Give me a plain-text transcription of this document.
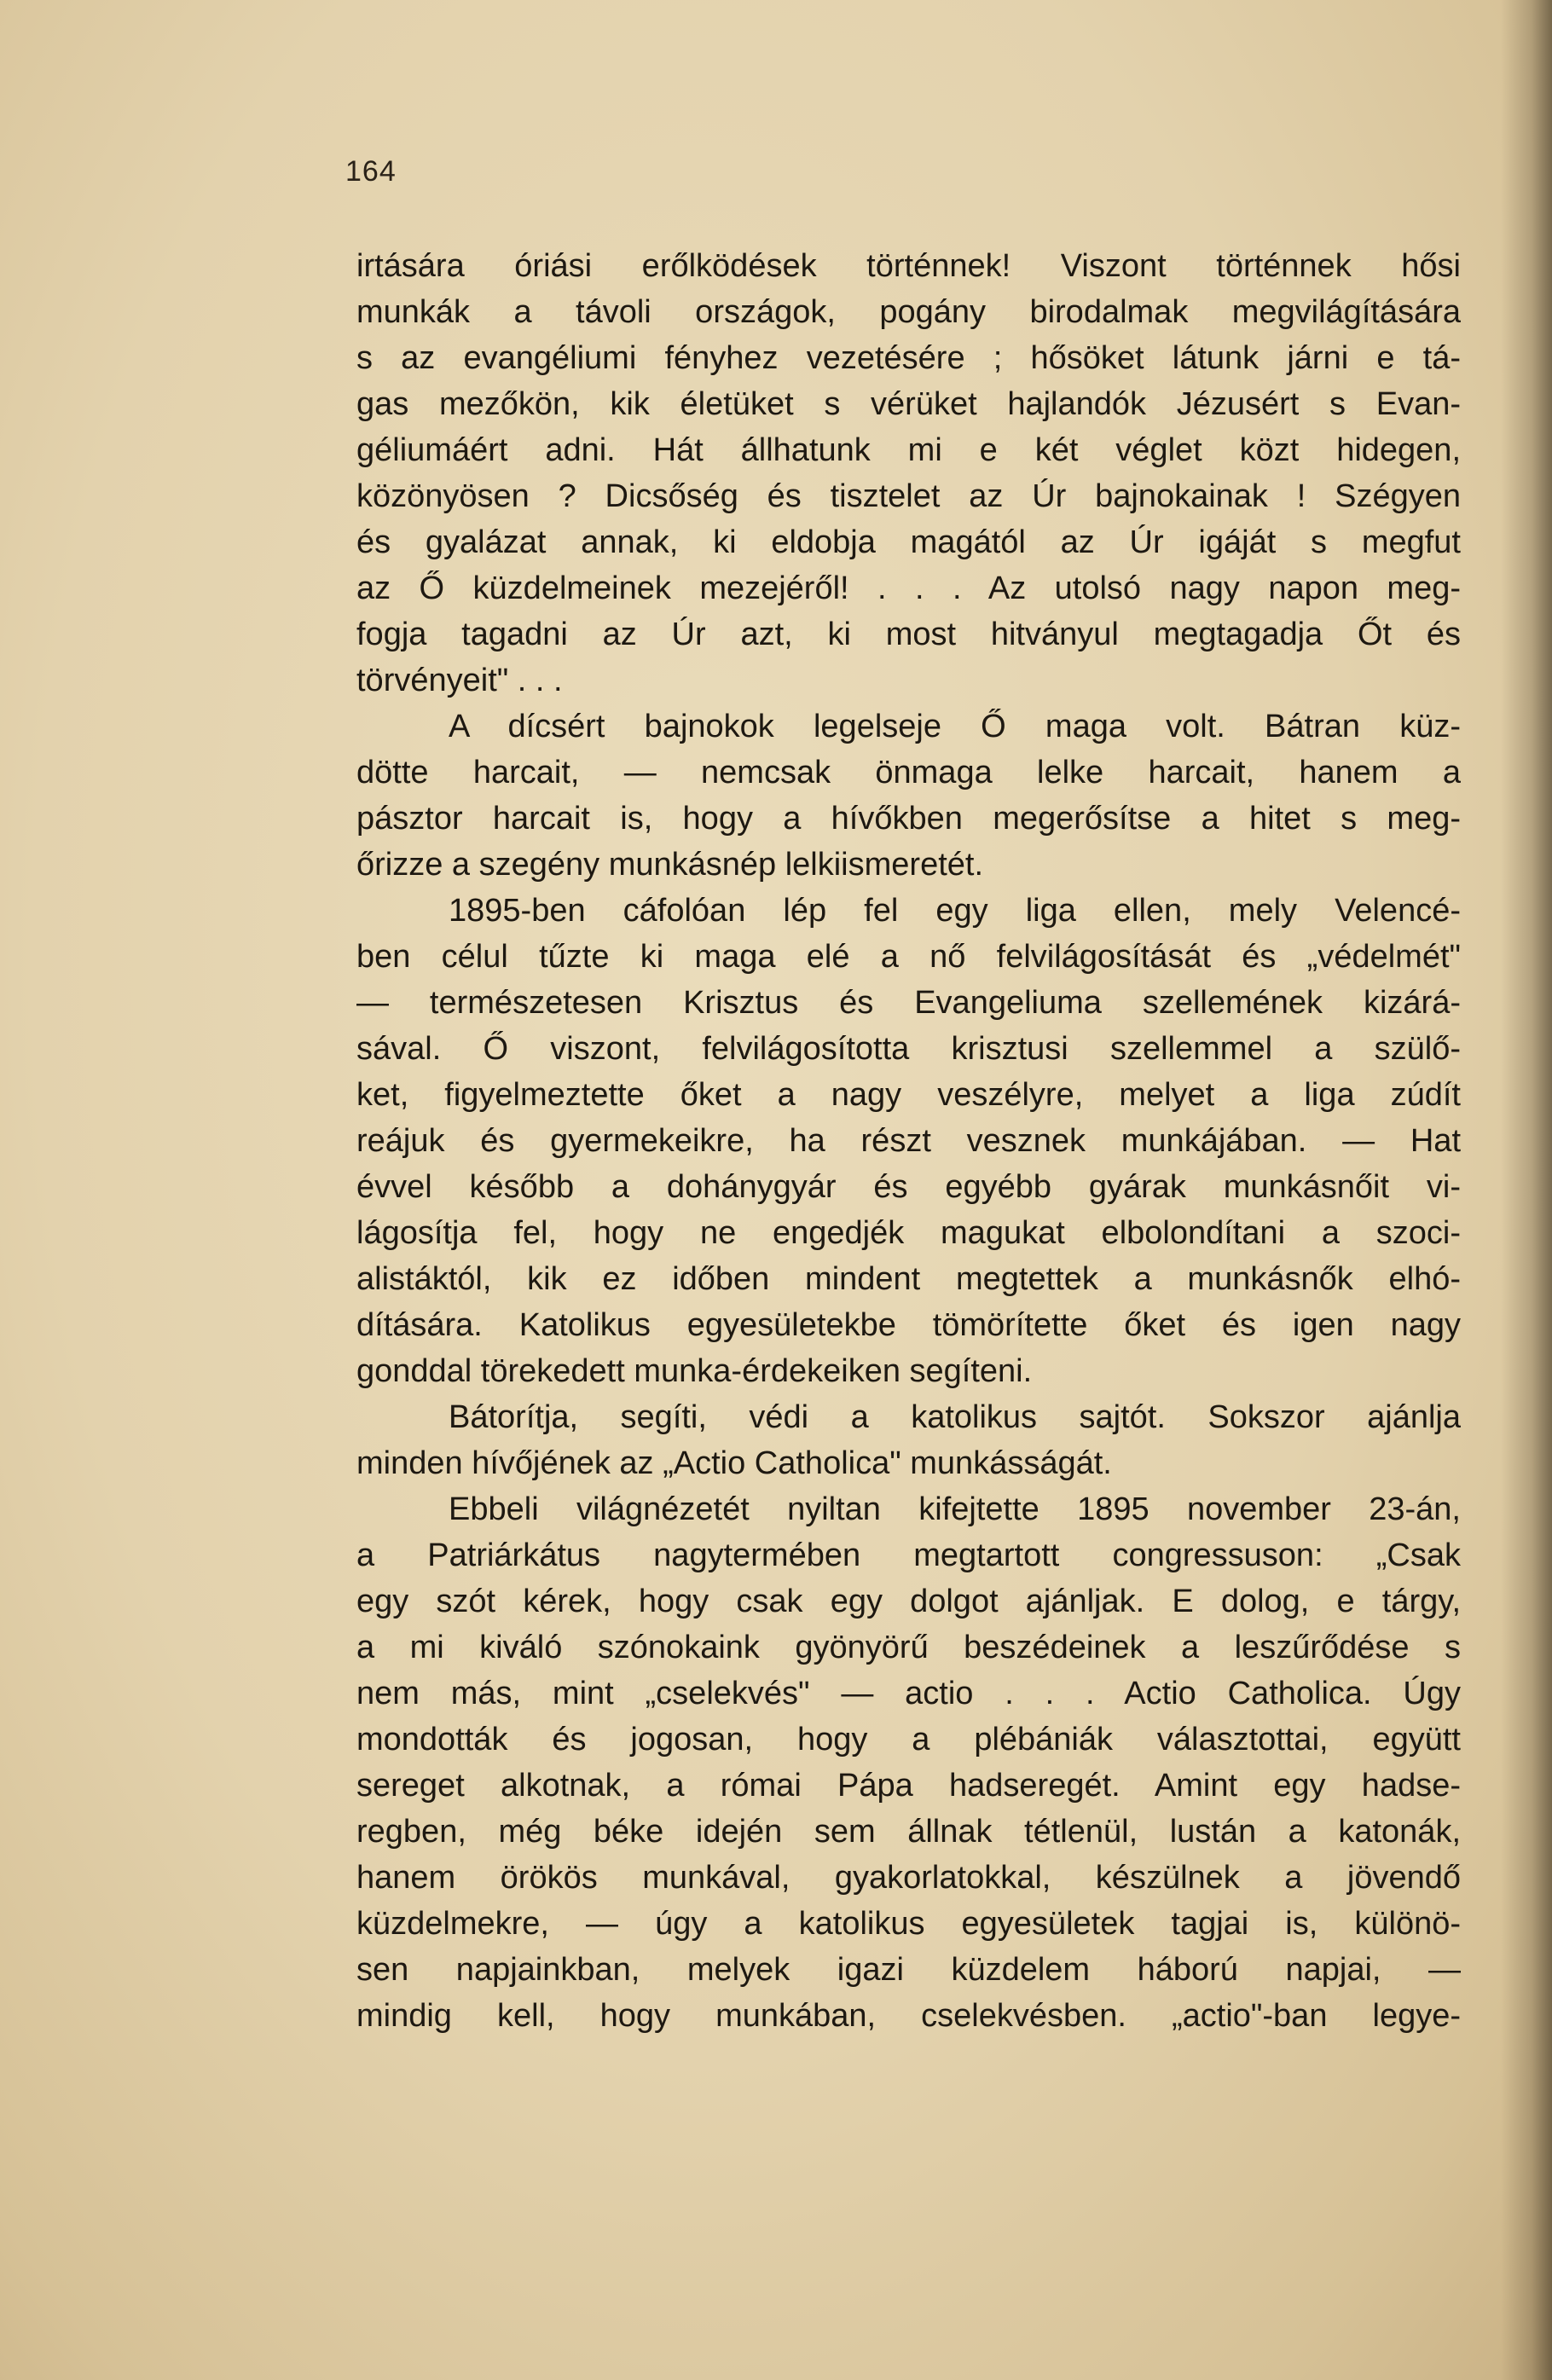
164
irtására óriási erőlködések történnek! Viszont történnek hősi
munkák a távoli országok, pogány birodalmak megvilágítására
s az evangéliumi fényhez vezetésére ; hősöket látunk járni e tá-
gas mezőkön, kik életüket s vérüket hajlandók Jézusért s Evan-
géliumáért adni. Hát állhatunk mi e két véglet közt hidegen,
közönyösen ? Dicsőség és tisztelet az Úr bajnokainak ! Szégyen
és gyalázat annak, ki eldobja magától az Úr igáját s megfut
az Ő küzdelmeinek mezejéről! . . . Az utolsó nagy napon meg-
fogja tagadni az Úr azt, ki most hitványul megtagadja Őt és
törvényeit" . . .
A dícsért bajnokok legelseje Ő maga volt. Bátran küz-
dötte harcait, — nemcsak önmaga lelke harcait, hanem a
pásztor harcait is, hogy a hívőkben megerősítse a hitet s meg-
őrizze a szegény munkásnép lelkiismeretét.
1895-ben cáfolóan lép fel egy liga ellen, mely Velencé-
ben célul tűzte ki maga elé a nő felvilágosítását és „védelmét"
— természetesen Krisztus és Evangeliuma szellemének kizárá-
sával. Ő viszont, felvilágosította krisztusi szellemmel a szülő-
ket, figyelmeztette őket a nagy veszélyre, melyet a liga zúdít
reájuk és gyermekeikre, ha részt vesznek munkájában. — Hat
évvel később a dohánygyár és egyébb gyárak munkásnőit vi-
lágosítja fel, hogy ne engedjék magukat elbolondítani a szoci-
alistáktól, kik ez időben mindent megtettek a munkásnők elhó-
dítására. Katolikus egyesületekbe tömörítette őket és igen nagy
gonddal törekedett munka-érdekeiken segíteni.
Bátorítja, segíti, védi a katolikus sajtót. Sokszor ajánlja
minden hívőjének az „Actio Catholica" munkásságát.
Ebbeli világnézetét nyiltan kifejtette 1895 november 23-án,
a Patriárkátus nagytermében megtartott congressuson: „Csak
egy szót kérek, hogy csak egy dolgot ajánljak. E dolog, e tárgy,
a mi kiváló szónokaink gyönyörű beszédeinek a leszűrődése s
nem más, mint „cselekvés" — actio . . . Actio Catholica. Úgy
mondották és jogosan, hogy a plébániák választottai, együtt
sereget alkotnak, a római Pápa hadseregét. Amint egy hadse-
regben, még béke idején sem állnak tétlenül, lustán a katonák,
hanem örökös munkával, gyakorlatokkal, készülnek a jövendő
küzdelmekre, — úgy a katolikus egyesületek tagjai is, különö-
sen napjainkban, melyek igazi küzdelem háború napjai, —
mindig kell, hogy munkában, cselekvésben. „actio"-ban legye-
